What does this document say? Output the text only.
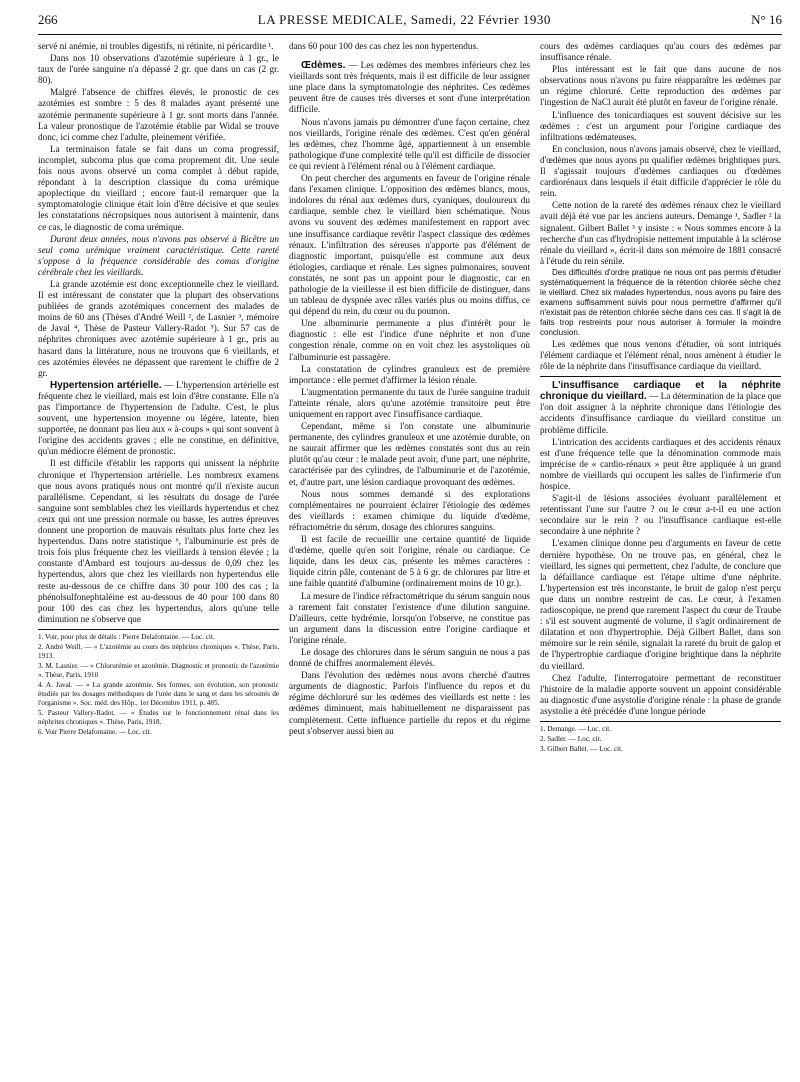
266	LA PRESSE MEDICALE, Samedi, 22 Février 1930	N° 16

servé ni anémie, ni troubles digestifs, ni rétinite, ni péricardite ¹.

Dans nos 10 observations d'azotémie supérieure à 1 gr., le taux de l'urée sanguine n'a dépassé 2 gr. que dans un cas (2 gr. 80).

Malgré l'absence de chiffres élevés, le pronostic de ces azotémies est sombre : 5 des 8 malades ayant présenté une azotémie permanente supérieure à 1 gr. sont morts dans l'année. La valeur pronostique de l'azotémie établie par Widal se trouve donc, ici comme chez l'adulte, pleinement vérifiée.

La terminaison fatale se fait dans un coma progressif, incomplet, subcoma plus que coma proprement dit. Une seule fois nous avons observé un coma complet à début rapide, répondant à la description classique du coma urémique apoplectique du vieillard ; encore faut-il remarquer que la symptomatologie clinique était loin d'être décisive et que seules les constatations nécropsiques nous autorisent à maintenir, dans ce cas, le diagnostic de coma urémique.

Durant deux années, nous n'avons pas observé à Bicêtre un seul coma urémique vraiment caractéristique. Cette rareté s'oppose à la fréquence considérable des comas d'origine cérébrale chez les vieillards.

La grande azotémie est donc exceptionnelle chez le vieillard. Il est intéressant de constater que la plupart des observations publiées de grands azotémiques concernent des malades de moins de 60 ans (Thèses d'André Weill ², de Lasnier ³, mémoire de Javal ⁴, Thèse de Pasteur Vallery-Radot ⁵). Sur 57 cas de néphrites chroniques avec azotémie supérieure à 1 gr., pris au hasard dans la littérature, nous ne trouvons que 6 vieillards, et ces azotémies élevées ne dépassent que rarement le chiffre de 2 gr.

Hypertension artérielle. — L'hypertension artérielle est fréquente chez le vieillard, mais est loin d'être constante. Elle n'a pas l'importance de l'hypertension de l'adulte. C'est, le plus souvent, une hypertension moyenne ou légère, latente, bien supportée, ne donnant pas lieu aux « à-coups » qui sont souvent à l'origine des accidents graves ; elle ne constitue, en définitive, qu'un médiocre élément de pronostic.

Il est difficile d'établir les rapports qui unissent la néphrite chronique et l'hypertension artérielle. Les nombreux examens que nous avons pratiqués nous ont montré qu'il n'existe aucun parallélisme. Cependant, si les résultats du dosage de l'urée sanguine sont semblables chez les vieillards hypertendus et chez ceux qui ont une pression normale ou basse, les autres épreuves donnent une proportion de mauvais résultats plus forte chez les hypertendus. Dans notre statistique ⁶, l'albuminurie est près de trois fois plus fréquente chez les vieillards à tension élevée ; la constante d'Ambard est toujours au-dessus de 0,09 chez les hypertendus, alors que chez les vieillards non hypertendus elle reste au-dessous de ce chiffre dans 30 pour 100 des cas ; la phénolsulfonephtaléine est au-dessous de 40 pour 100 dans 80 pour 100 des cas chez les hypertendus, alors qu'une telle diminution ne s'observe que

1. Voir, pour plus de détails : Pierre Delafontaine. — Loc. cit.
2. André Weill. — « L'azotémie au cours des néphrites chroniques ». Thèse, Paris, 1913.
3. M. Lasnier. — « Chlorurémie et azotémie. Diagnostic et pronostic de l'azotémie ». Thèse, Paris, 1910
4. A. Javal. — « La grande azotémie. Ses formes, son évolution, son pronostic étudiés par les dosages méthodiques de l'urée dans le sang et dans les sérosités de l'organisme ». Soc. méd. des Hôp., 1er Décembre 1911, p. 485.
5. Pasteur Vallery-Radot. — « Études sur le fonctionnement rénal dans les néphrites chroniques ». Thèse, Paris, 1918.
6. Voir Pierre Delafontaine. — Loc. cit.

dans 60 pour 100 des cas chez les non hypertendus.

Œdèmes. — Les œdèmes des membres inférieurs chez les vieillards sont très fréquents, mais il est difficile de leur assigner une place dans la symptomatologie des néphrites. Ces œdèmes peuvent être de causes très diverses et sont d'une interprétation difficile.

Nous n'avons jamais pu démontrer d'une façon certaine, chez nos vieillards, l'origine rénale des œdèmes. C'est qu'en général les œdèmes, chez l'homme âgé, appartiennent à un ensemble pathologique d'une complexité telle qu'il est difficile de dissocier ce qui revient à l'élément rénal ou à l'élément cardiaque.

On peut chercher des arguments en faveur de l'origine rénale dans l'examen clinique. L'opposition des œdèmes blancs, mous, indolores du rénal aux œdèmes durs, cyaniques, douloureux du cardiaque, semble chez le vieillard bien schématique. Nous avons vu souvent des œdèmes manifestement en rapport avec une insuffisance cardiaque revêtir l'aspect classique des œdèmes rénaux. L'infiltration des séreuses n'apporte pas d'élément de diagnostic important, puisqu'elle est commune aux deux étiologies, cardiaque et rénale. Les signes pulmonaires, souvent constatés, ne sont pas un appoint pour le diagnostic, car en pathologie de la vieillesse il est bien difficile de distinguer, dans un tableau de dyspnée avec râles variés plus ou moins diffus, ce qui dépend du rein, du cœur ou du poumon.

Une albuminurie permanente a plus d'intérêt pour le diagnostic : elle est l'indice d'une néphrite et non d'une congestion rénale, comme on en voit chez les asystoliques où l'albuminurie est passagère.

La constatation de cylindres granuleux est de première importance : elle permet d'affirmer la lésion rénale.

L'augmentation permanente du taux de l'urée sanguine traduit l'atteinte rénale, alors qu'une azotémie transitoire peut être uniquement en rapport avec l'insuffisance cardiaque.

Cependant, même si l'on constate une albuminurie permanente, des cylindres granuleux et une azotémie durable, on ne saurait affirmer que les œdèmes constatés sont dus au rein plutôt qu'au cœur : le malade peut avoir, d'une part, une néphrite, caractérisée par des cylindres, de l'albuminurie et de l'azotémie, et, d'autre part, une lésion cardiaque provoquant des œdèmes.

Nous nous sommes demandé si des explorations complémentaires ne pourraient éclairer l'étiologie des œdèmes des vieillards : examen chimique du liquide d'œdème, réfractométrie du sérum, dosage des chlorures sanguins.

Il est facile de recueillir une certaine quantité de liquide d'œdème, quelle qu'en soit l'origine, rénale ou cardiaque. Ce liquide, dans les deux cas, présente les mêmes caractères : liquide citrin pâle, contenant de 5 à 6 gr. de chlorures par litre et une faible quantité d'albumine (ordinairement moins de 10 gr.).

La mesure de l'indice réfractométrique du sérum sanguin nous a rarement fait constater l'existence d'une dilution sanguine. D'ailleurs, cette hydrémie, lorsqu'on l'observe, ne constitue pas un argument dans la discussion entre l'origine cardiaque et l'origine rénale.

Le dosage des chlorures dans le sérum sanguin ne nous a pas donné de chiffres anormalement élevés.

Dans l'évolution des œdèmes nous avons cherché d'autres arguments de diagnostic. Parfois l'influence du repos et du régime déchloruré sur les œdèmes des vieillards est nette : les œdèmes diminuent, mais habituellement ne disparaissent pas complètement. Cette influence partielle du repos et du régime peut s'observer aussi bien au

cours des œdèmes cardiaques qu'au cours des œdèmes par insuffisance rénale.

Plus intéressant est le fait que dans aucune de nos observations nous n'avons pu faire réapparaître les œdèmes par un régime chloruré. Cette reproduction des œdèmes par l'ingestion de NaCl aurait été plutôt en faveur de l'origine rénale.

L'influence des tonicardiaques est souvent décisive sur les œdèmes : c'est un argument pour l'origine cardiaque des infiltrations œdémateuses.

En conclusion, nous n'avons jamais observé, chez le vieillard, d'œdèmes que nous ayons pu qualifier œdèmes brightiques purs. Il s'agissait toujours d'œdèmes cardiaques ou d'œdèmes cardiorénaux dans lesquels il était difficile d'apprécier le rôle du rein.

Cette notion de la rareté des œdèmes rénaux chez le vieillard avait déjà été vue par les anciens auteurs. Demange ¹, Sadler ² la signalent. Gilbert Ballet ³ y insiste : « Nous sommes encore à la recherche d'un cas d'hydropisie nettement imputable à la sclérose rénale du vieillard », écrit-il dans son mémoire de 1881 consacré à l'étude du rein sénile.

Des difficultés d'ordre pratique ne nous ont pas permis d'étudier systématiquement la fréquence de la rétention chlorée sèche chez le vieillard. Chez six malades hypertendus, nous avons pu faire des examens suffisamment suivis pour nous permettre d'affirmer qu'il n'existait pas de rétention chlorée sèche dans ces cas. Il s'agit là de faits trop restreints pour nous autoriser à formuler la moindre conclusion.

Les œdèmes que nous venons d'étudier, où sont intriqués l'élément cardiaque et l'élément rénal, nous amènent à étudier le rôle de la néphrite dans l'insuffisance cardiaque du vieillard.

L'insuffisance cardiaque et la néphrite chronique du vieillard. — La détermination de la place que l'on doit assigner à la néphrite chronique dans l'étiologie des accidents d'insuffisance cardiaque du vieillard constitue un problème difficile.

L'intrication des accidents cardiaques et des accidents rénaux est d'une fréquence telle que la dénomination commode mais imprécise de « cardio-rénaux » peut être appliquée à un grand nombre de vieillards qui occupent les salles de l'infirmerie d'un hospice.

S'agit-il de lésions associées évoluant parallèlement et retentissant l'une sur l'autre ? ou le cœur a-t-il eu une action secondaire sur le rein ? ou l'insuffisance cardiaque est-elle secondaire à une néphrite ?

L'examen clinique donne peu d'arguments en faveur de cette dernière hypothèse. On ne trouve pas, en général, chez le vieillard, les signes qui permettent, chez l'adulte, de conclure que la défaillance cardiaque est l'étape ultime d'une néphrite. L'hypertension est très inconstante, le bruit de galop n'est perçu que dans un nombre restreint de cas. Le cœur, à l'examen radioscopique, ne prend que rarement l'aspect du cœur de Traube : s'il est souvent augmenté de volume, il s'agit ordinairement de dilatation et non d'hypertrophie. Déjà Gilbert Ballet, dans son mémoire sur le rein sénile, signalait la rareté du bruit de galop et de l'hypertrophie cardiaque d'origine brightique dans la néphrite du vieillard.

Chez l'adulte, l'interrogatoire permettant de reconstituer l'histoire de la maladie apporte souvent un appoint considérable au diagnostic d'une asystolie d'origine rénale : la phase de grande asystolie a été précédée d'une longue période

1. Demange. — Loc. cit.
2. Sadler. — Loc. cit.
3. Gilbert Ballet. — Loc. cit.
